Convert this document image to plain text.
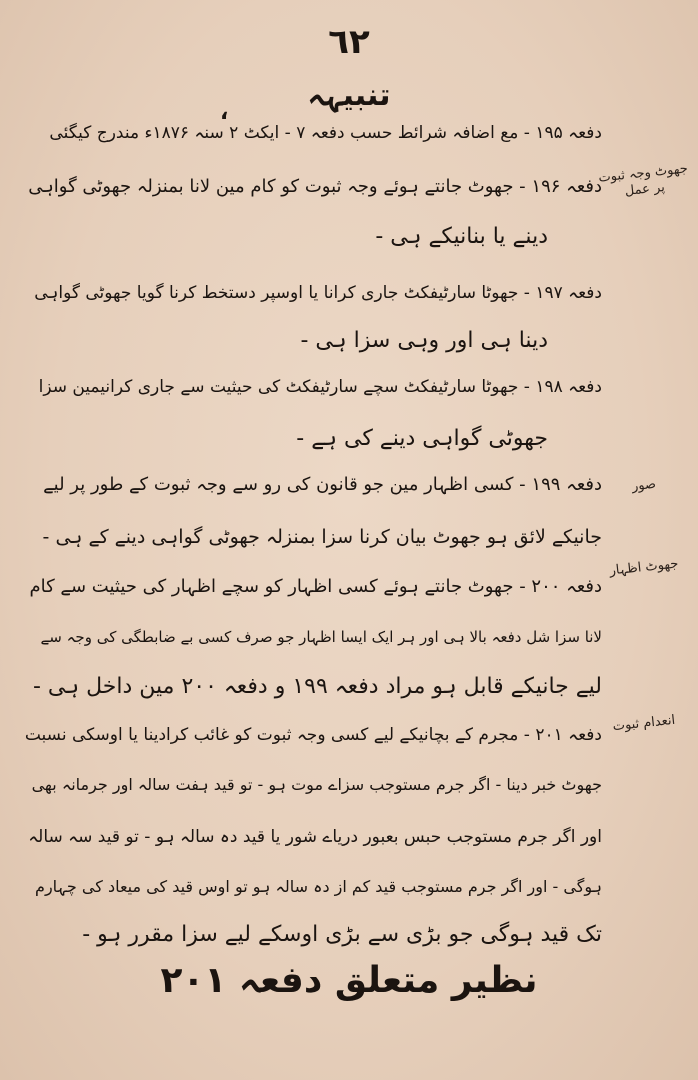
٦٢
تنبیہہ
،
دفعہ ۱۹۵ - مع اضافہ شرائط حسب دفعہ ۷ - ایکٹ ۲ سنہ ۱۸۷۶ء مندرج کیگئی
دفعہ ۱۹۶ - جھوٹ جانتے ہوئے وجہ ثبوت کو کام مین لانا بمنزلہ جھوٹی گواہی
دینے یا بنانیکے ہی -
جھوٹ وجہ ثبوت پر عمل
دفعہ ۱۹۷ - جھوٹا سارٹیفکٹ جاری کرانا یا اوسپر دستخط کرنا گویا جھوٹی گواہی
دینا ہی اور وہی سزا ہی -
دفعہ ۱۹۸ - جھوٹا سارٹیفکٹ سچے سارٹیفکٹ کی حیثیت سے جاری کرانیمین سزا
جھوٹی گواہی دینے کی ہے -
دفعہ ۱۹۹ - کسی اظہار مین جو قانون کی رو سے وجہ ثبوت کے طور پر لیے
جانیکے لائق ہو جھوٹ بیان کرنا سزا بمنزلہ جھوٹی گواہی دینے کے ہی -
صور
دفعہ ۲۰۰ - جھوٹ جانتے ہوئے کسی اظہار کو سچے اظہار کی حیثیت سے کام
لانا سزا شل دفعہ بالا ہی اور ہر ایک ایسا اظہار جو صرف کسی بے ضابطگی کی وجہ سے
لیے جانیکے قابل ہو مراد دفعہ ۱۹۹ و دفعہ ۲۰۰ مین داخل ہی -
جھوٹ اظہار
دفعہ ۲۰۱ - مجرم کے بچانیکے لیے کسی وجہ ثبوت کو غائب کرادینا یا اوسکی نسبت
جھوٹ خبر دینا - اگر جرم مستوجب سزاے موت ہو - تو قید ہفت سالہ اور جرمانہ بھی
اور اگر جرم مستوجب حبس بعبور دریاے شور یا قید دہ سالہ ہو - تو قید سہ سالہ
ہوگی - اور اگر جرم مستوجب قید کم از دہ سالہ ہو تو اوس قید کی میعاد کی چہارم
تک قید ہوگی جو بڑی سے بڑی اوسکے لیے سزا مقرر ہو -
انعدام ثبوت
نظیر متعلق دفعہ ۲۰۱
